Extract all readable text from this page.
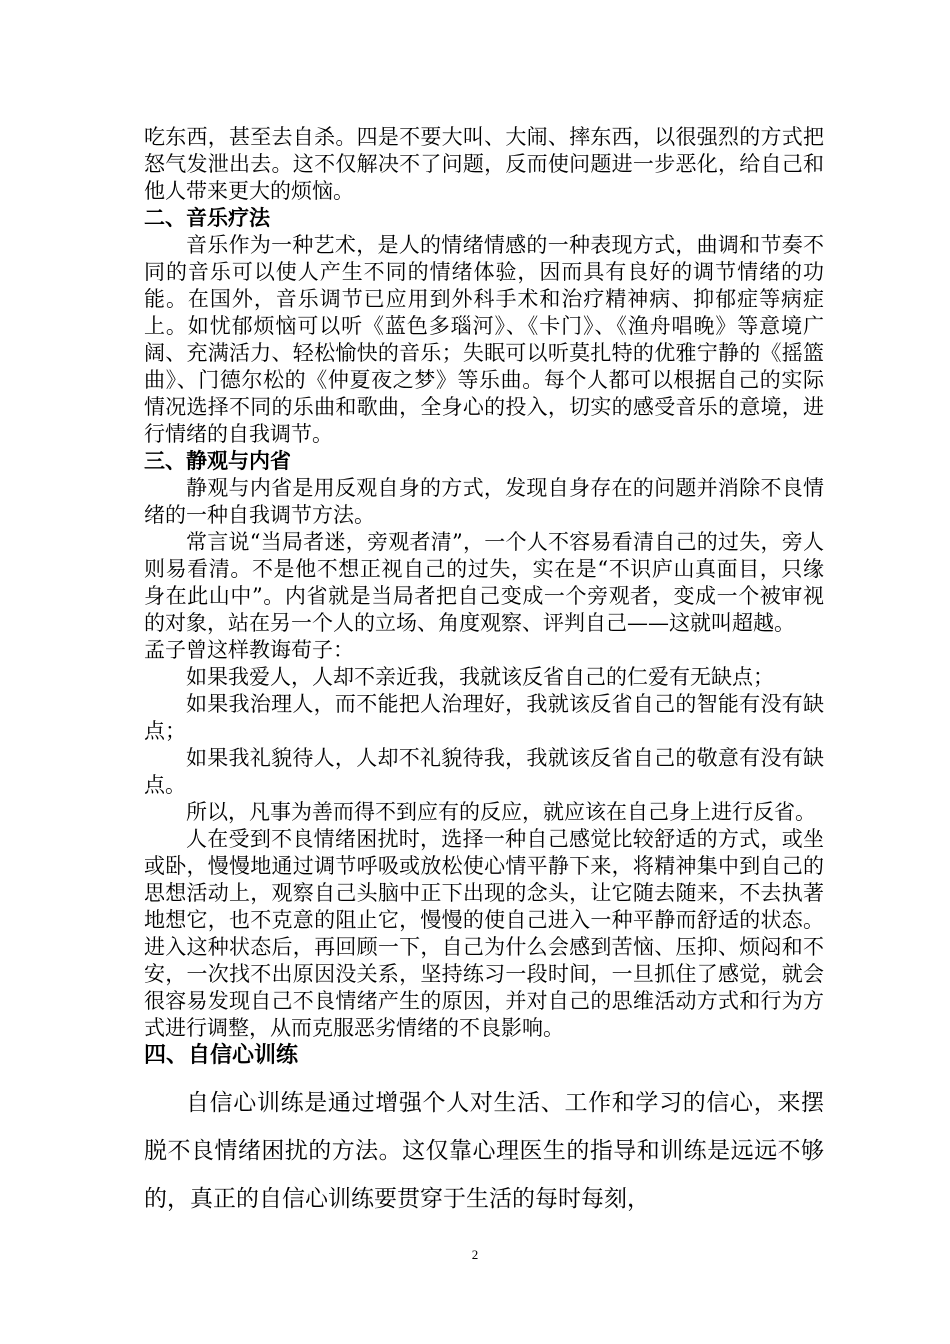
吃东西，甚至去自杀。四是不要大叫、大闹、摔东西，以很强烈的方式把怒气发泄出去。这不仅解决不了问题，反而使问题进一步恶化，给自己和他人带来更大的烦恼。

二、音乐疗法

音乐作为一种艺术，是人的情绪情感的一种表现方式，曲调和节奏不同的音乐可以使人产生不同的情绪体验，因而具有良好的调节情绪的功能。在国外，音乐调节已应用到外科手术和治疗精神病、抑郁症等病症上。如忧郁烦恼可以听《蓝色多瑙河》、《卡门》、《渔舟唱晚》等意境广阔、充满活力、轻松愉快的音乐；失眠可以听莫扎特的优雅宁静的《摇篮曲》、门德尔松的《仲夏夜之梦》等乐曲。每个人都可以根据自己的实际情况选择不同的乐曲和歌曲，全身心的投入，切实的感受音乐的意境，进行情绪的自我调节。

三、静观与内省

静观与内省是用反观自身的方式，发现自身存在的问题并消除不良情绪的一种自我调节方法。

常言说“当局者迷，旁观者清”，一个人不容易看清自己的过失，旁人则易看清。不是他不想正视自己的过失，实在是“不识庐山真面目，只缘身在此山中”。内省就是当局者把自己变成一个旁观者，变成一个被审视的对象，站在另一个人的立场、角度观察、评判自己——这就叫超越。

孟子曾这样教诲荀子：

如果我爱人，人却不亲近我，我就该反省自己的仁爱有无缺点；

如果我治理人，而不能把人治理好，我就该反省自己的智能有没有缺点；

如果我礼貌待人，人却不礼貌待我，我就该反省自己的敬意有没有缺点。

所以，凡事为善而得不到应有的反应，就应该在自己身上进行反省。

人在受到不良情绪困扰时，选择一种自己感觉比较舒适的方式，或坐或卧，慢慢地通过调节呼吸或放松使心情平静下来，将精神集中到自己的思想活动上，观察自己头脑中正下出现的念头，让它随去随来，不去执著地想它，也不克意的阻止它，慢慢的使自己进入一种平静而舒适的状态。进入这种状态后，再回顾一下，自己为什么会感到苦恼、压抑、烦闷和不安，一次找不出原因没关系，坚持练习一段时间，一旦抓住了感觉，就会很容易发现自己不良情绪产生的原因，并对自己的思维活动方式和行为方式进行调整，从而克服恶劣情绪的不良影响。

四、自信心训练

自信心训练是通过增强个人对生活、工作和学习的信心，来摆脱不良情绪困扰的方法。这仅靠心理医生的指导和训练是远远不够的，真正的自信心训练要贯穿于生活的每时每刻，

2
